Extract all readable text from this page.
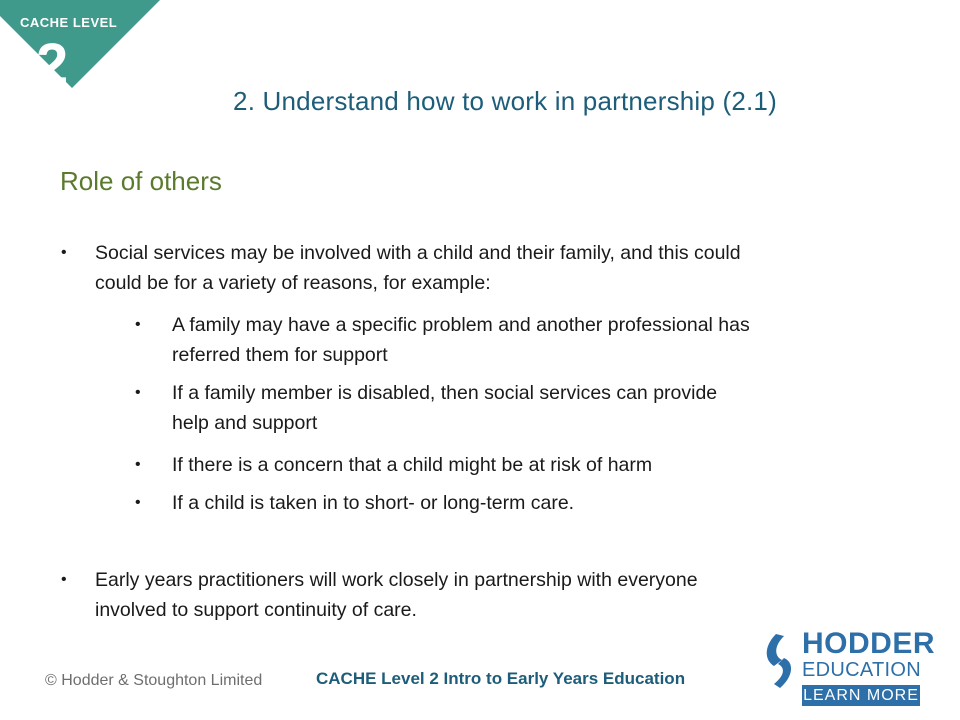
CACHE LEVEL
2
2. Understand how to work in partnership (2.1)
Role of others
• Social services may be involved with a child and their family, and this could
could be for a variety of reasons, for example:
• A family may have a specific problem and another professional has
referred them for support
• If a family member is disabled, then social services can provide
help and support
• If there is a concern that a child might be at risk of harm
• If a child is taken in to short- or long-term care.
• Early years practitioners will work closely in partnership with everyone
involved to support continuity of care.
© Hodder & Stoughton Limited	CACHE Level 2 Intro to Early Years Education
HODDER
EDUCATION
LEARN MORE
